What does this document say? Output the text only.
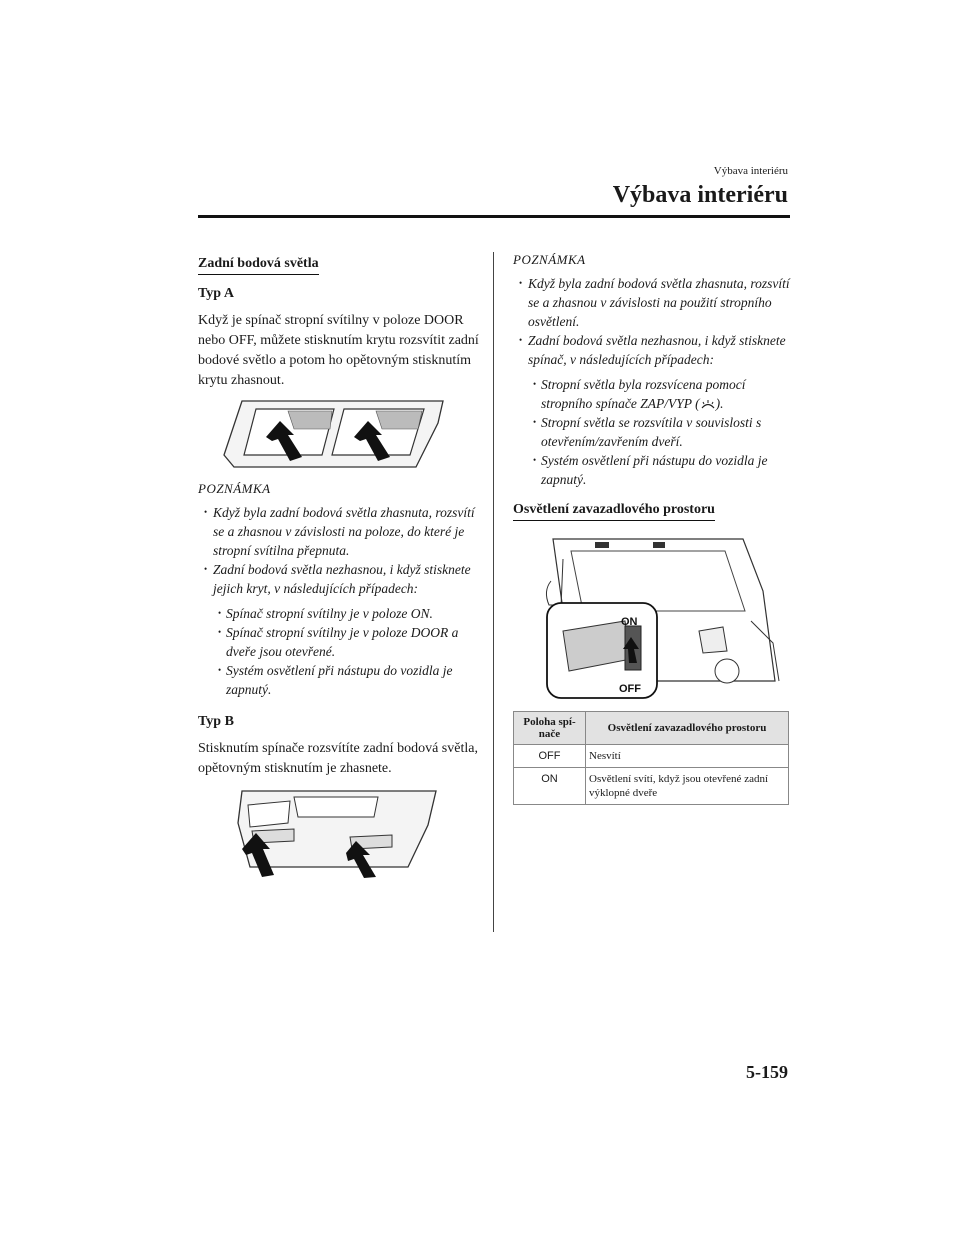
Výbava interiéru
Výbava interiéru
Zadní bodová světla
Typ A
Když je spínač stropní svítilny v poloze DOOR nebo OFF, můžete stisknutím krytu rozsvítit zadní bodové světlo a potom ho opětovným stisknutím krytu zhasnout.
POZNÁMKA
• Když byla zadní bodová světla zhasnuta, rozsvítí se a zhasnou v závislosti na poloze, do které je stropní svítilna přepnuta.
• Zadní bodová světla nezhasnou, i když stisknete jejich kryt, v následujících případech:
• Spínač stropní svítilny je v poloze ON.
• Spínač stropní svítilny je v poloze DOOR a dveře jsou otevřené.
• Systém osvětlení při nástupu do vozidla je zapnutý.
Typ B
Stisknutím spínače rozsvítíte zadní bodová světla, opětovným stisknutím je zhasnete.
POZNÁMKA
• Když byla zadní bodová světla zhasnuta, rozsvítí se a zhasnou v závislosti na použití stropního osvětlení.
• Zadní bodová světla nezhasnou, i když stisknete spínač, v následujících případech:
• Stropní světla byla rozsvícena pomocí stropního spínače ZAP/VYP ( ).
• Stropní světla se rozsvítila v souvislosti s otevřením/zavřením dveří.
• Systém osvětlení při nástupu do vozidla je zapnutý.
Osvětlení zavazadlového prostoru
ON
OFF
Poloha spí-nače	Osvětlení zavazadlového prostoru
OFF	Nesvítí
ON	Osvětlení svítí, když jsou otevřené zadní výklopné dveře
5-159
